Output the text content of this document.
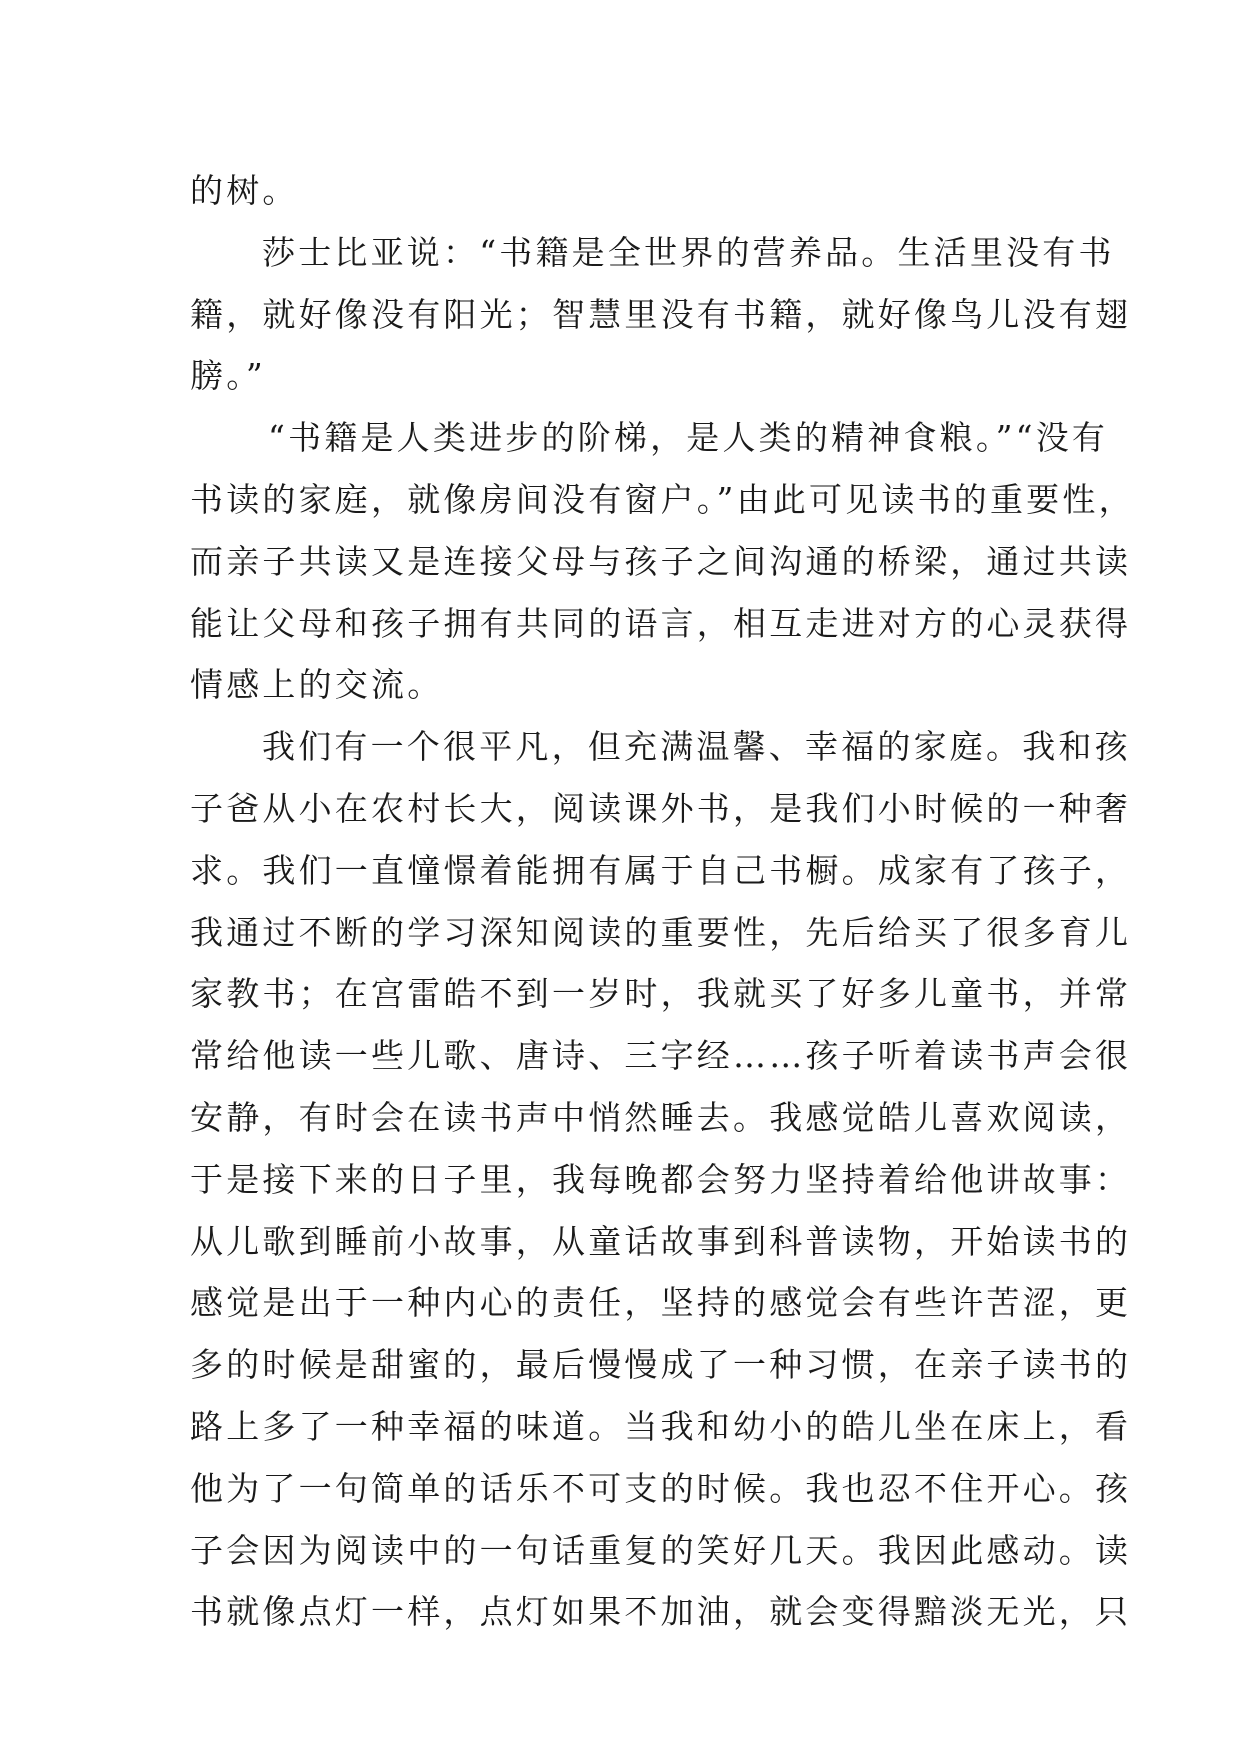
的树。
莎士比亚说：“书籍是全世界的营养品。生活里没有书
籍，就好像没有阳光；智慧里没有书籍，就好像鸟儿没有翅
膀。”
“书籍是人类进步的阶梯，是人类的精神食粮。”“没有
书读的家庭，就像房间没有窗户。”由此可见读书的重要性，
而亲子共读又是连接父母与孩子之间沟通的桥梁，通过共读
能让父母和孩子拥有共同的语言，相互走进对方的心灵获得
情感上的交流。
我们有一个很平凡，但充满温馨、幸福的家庭。我和孩
子爸从小在农村长大，阅读课外书，是我们小时候的一种奢
求。我们一直憧憬着能拥有属于自己书橱。成家有了孩子，
我通过不断的学习深知阅读的重要性，先后给买了很多育儿
家教书；在宫雷皓不到一岁时，我就买了好多儿童书，并常
常给他读一些儿歌、唐诗、三字经……孩子听着读书声会很
安静，有时会在读书声中悄然睡去。我感觉皓儿喜欢阅读，
于是接下来的日子里，我每晚都会努力坚持着给他讲故事：
从儿歌到睡前小故事，从童话故事到科普读物，开始读书的
感觉是出于一种内心的责任，坚持的感觉会有些许苦涩，更
多的时候是甜蜜的，最后慢慢成了一种习惯，在亲子读书的
路上多了一种幸福的味道。当我和幼小的皓儿坐在床上，看
他为了一句简单的话乐不可支的时候。我也忍不住开心。孩
子会因为阅读中的一句话重复的笑好几天。我因此感动。读
书就像点灯一样，点灯如果不加油，就会变得黯淡无光，只
